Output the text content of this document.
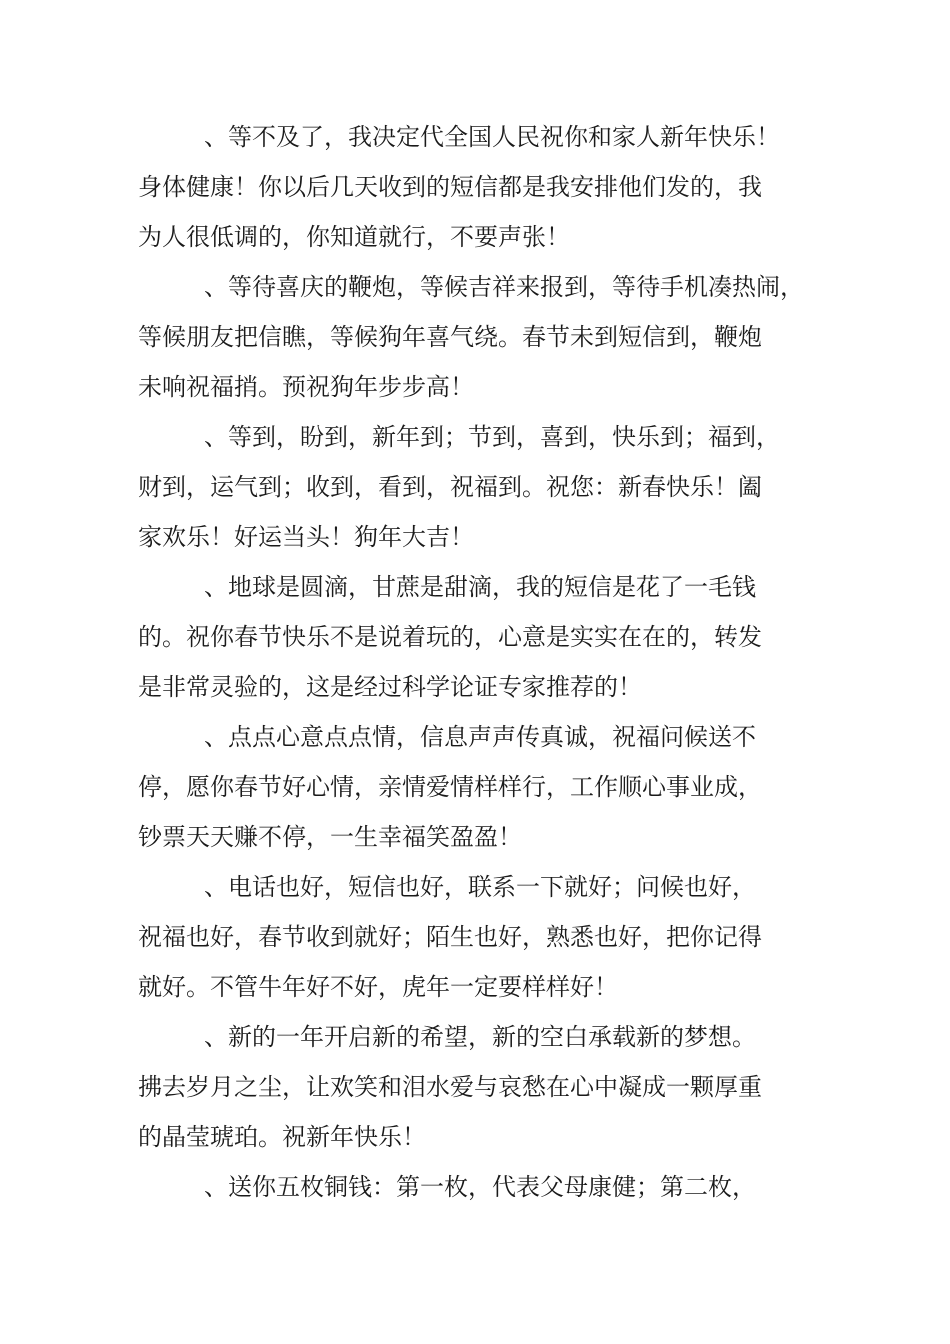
、等不及了，我决定代全国人民祝你和家人新年快乐！
身体健康！你以后几天收到的短信都是我安排他们发的，我
为人很低调的，你知道就行，不要声张！
、等待喜庆的鞭炮，等候吉祥来报到，等待手机凑热闹，
等候朋友把信瞧，等候狗年喜气绕。春节未到短信到，鞭炮
未响祝福捎。预祝狗年步步高！
、等到，盼到，新年到；节到，喜到，快乐到；福到，
财到，运气到；收到，看到，祝福到。祝您：新春快乐！阖
家欢乐！好运当头！狗年大吉！
、地球是圆滴，甘蔗是甜滴，我的短信是花了一毛钱
的。祝你春节快乐不是说着玩的，心意是实实在在的，转发
是非常灵验的，这是经过科学论证专家推荐的！
、点点心意点点情，信息声声传真诚，祝福问候送不
停，愿你春节好心情，亲情爱情样样行，工作顺心事业成，
钞票天天赚不停，一生幸福笑盈盈！
、电话也好，短信也好，联系一下就好；问候也好，
祝福也好，春节收到就好；陌生也好，熟悉也好，把你记得
就好。不管牛年好不好，虎年一定要样样好！
、新的一年开启新的希望，新的空白承载新的梦想。
拂去岁月之尘，让欢笑和泪水爱与哀愁在心中凝成一颗厚重
的晶莹琥珀。祝新年快乐！
、送你五枚铜钱：第一枚，代表父母康健；第二枚，
